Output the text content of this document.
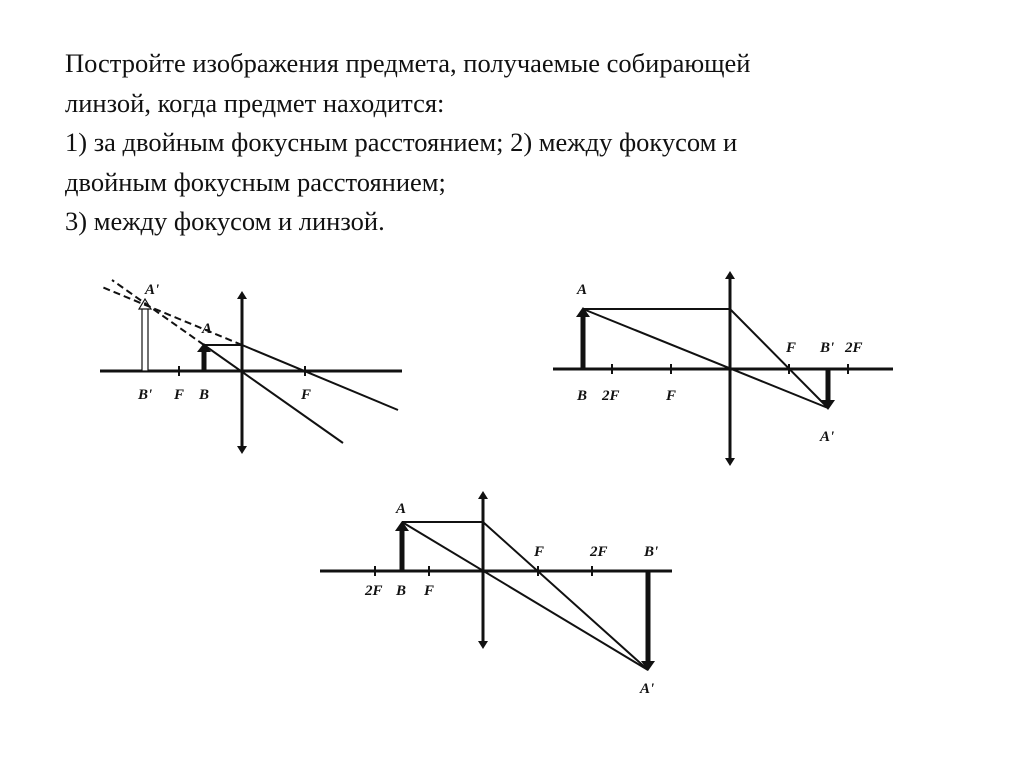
Постройте изображения предмета, получаемые собирающей
линзой, когда предмет находится:
1) за двойным фокусным расстоянием; 2) между фокусом и
двойным фокусным расстоянием;
3) между фокусом и линзой.
A'
A
B' F B	F
A
B 2F	F
F B' 2F
A'
A
2F B F
F	2F B'
A'
